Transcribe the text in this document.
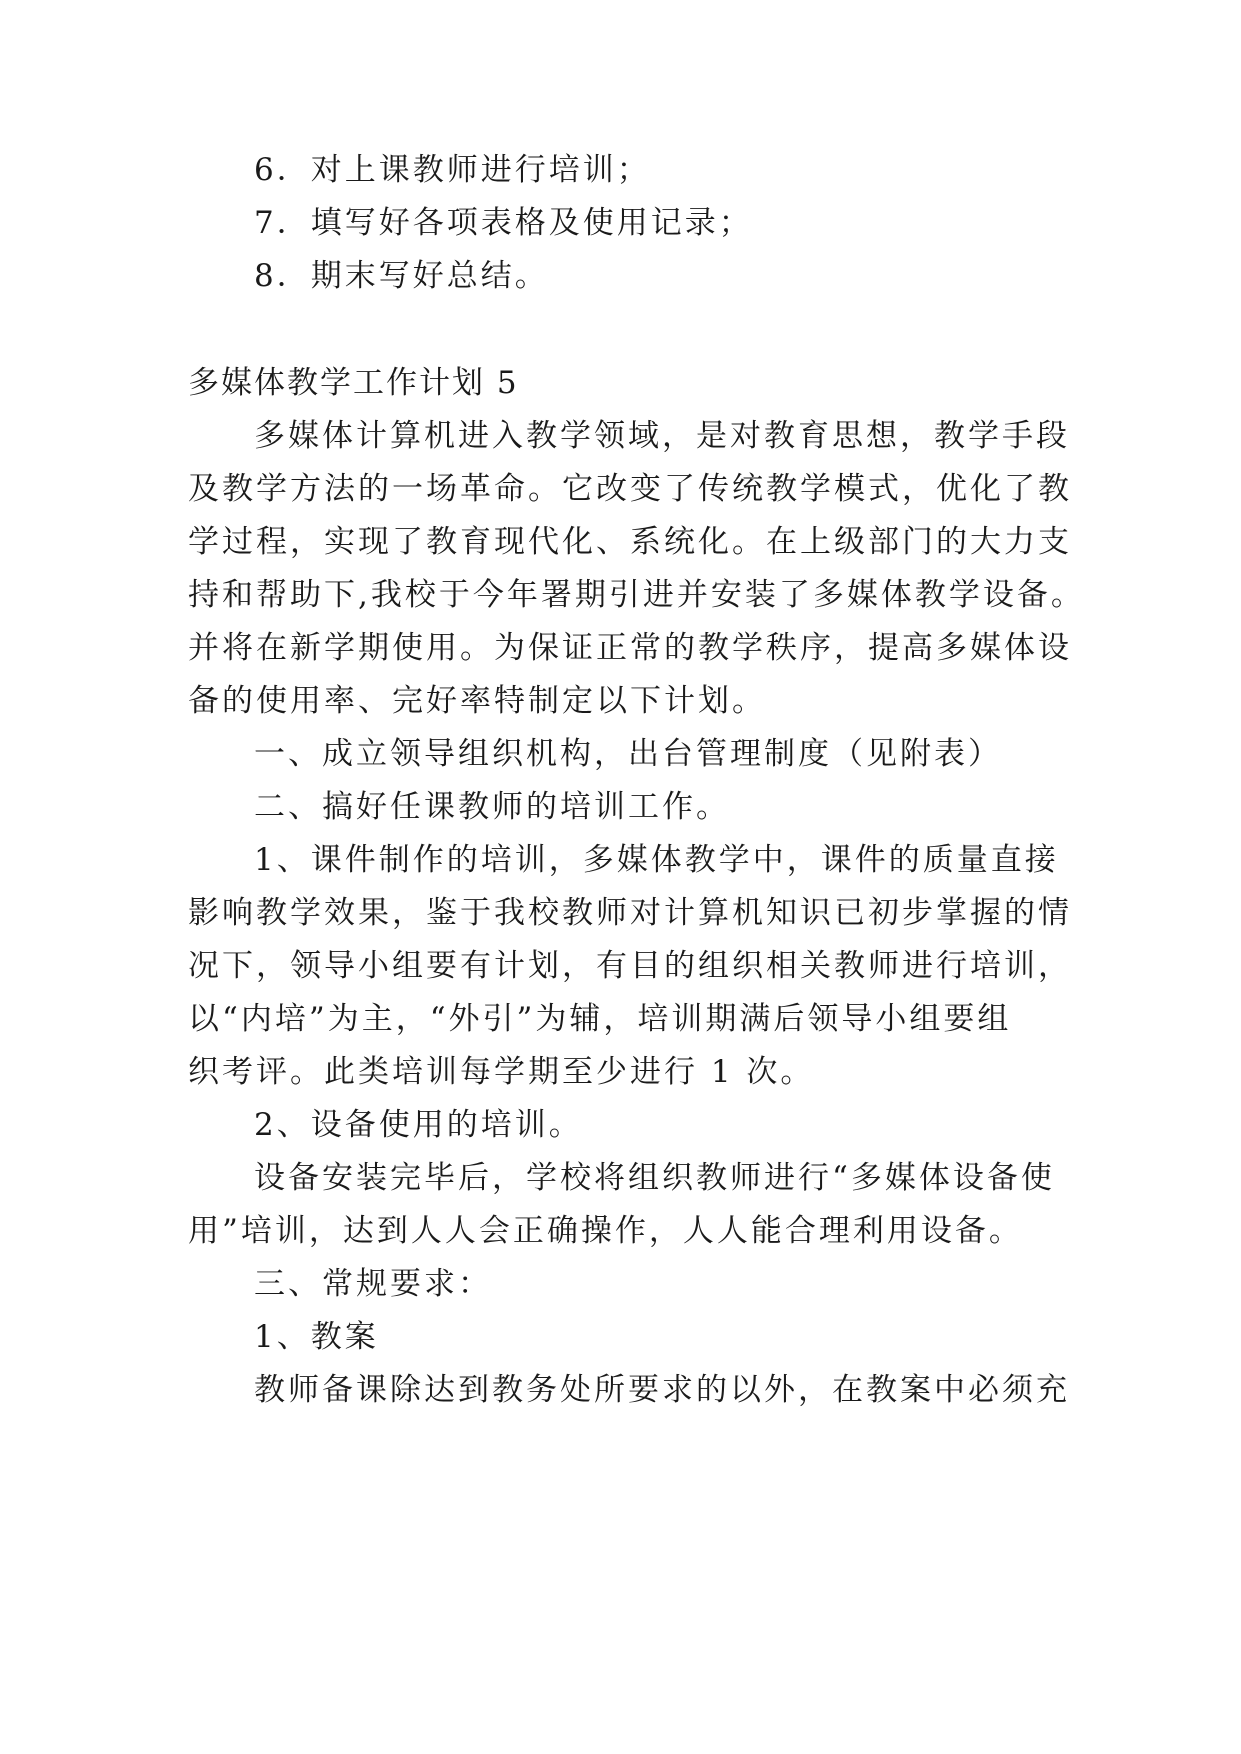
6．对上课教师进行培训；
7．填写好各项表格及使用记录；
8．期末写好总结。
多媒体教学工作计划 5
多媒体计算机进入教学领域，是对教育思想，教学手段
及教学方法的一场革命。它改变了传统教学模式，优化了教
学过程，实现了教育现代化、系统化。在上级部门的大力支
持和帮助下,我校于今年署期引进并安装了多媒体教学设备。
并将在新学期使用。为保证正常的教学秩序，提高多媒体设
备的使用率、完好率特制定以下计划。
一、成立领导组织机构，出台管理制度（见附表）
二、搞好任课教师的培训工作。
1、课件制作的培训，多媒体教学中，课件的质量直接
影响教学效果，鉴于我校教师对计算机知识已初步掌握的情
况下，领导小组要有计划，有目的组织相关教师进行培训，
以“内培”为主，“外引”为辅，培训期满后领导小组要组
织考评。此类培训每学期至少进行 1 次。
2、设备使用的培训。
设备安装完毕后，学校将组织教师进行“多媒体设备使
用”培训，达到人人会正确操作，人人能合理利用设备。
三、常规要求：
1、教案
教师备课除达到教务处所要求的以外，在教案中必须充
